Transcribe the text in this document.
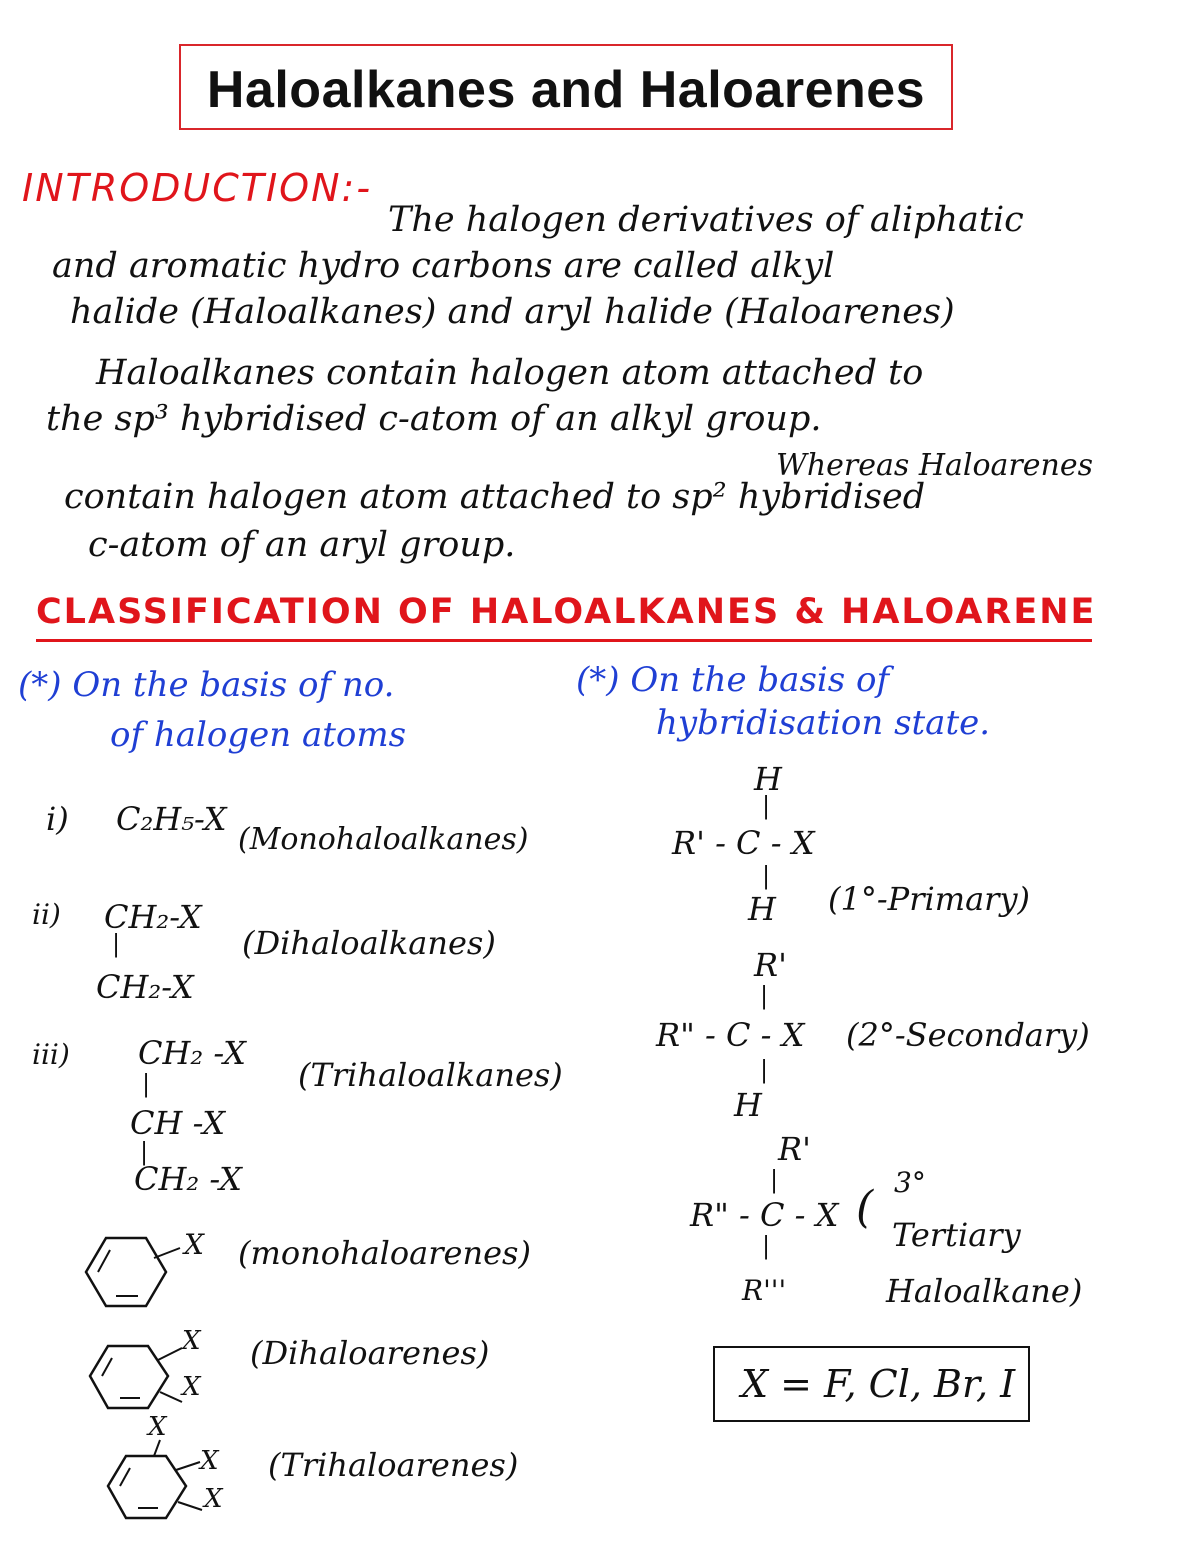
Haloalkanes and Haloarenes
INTRODUCTION:-
The halogen derivatives of aliphatic
and aromatic hydro carbons are called alkyl
halide (Haloalkanes) and aryl halide (Haloarenes)
Haloalkanes contain halogen atom attached to
the sp³ hybridised c-atom of an alkyl group.
Whereas Haloarenes
contain halogen atom attached to sp² hybridised
c-atom of an aryl group.
CLASSIFICATION OF HALOALKANES & HALOARENE
(*) On the basis of no.
of halogen atoms
(*) On the basis of
hybridisation state.
i) C₂H₅-X
(Monohaloalkanes)
ii) CH₂-X
|
CH₂-X
(Dihaloalkanes)
iii) CH₂ -X
|
CH -X
|
CH₂ -X
(Trihaloalkanes)
X (monohaloarenes)
X
X
(Dihaloarenes)
X
X
X
(Trihaloarenes)
H
|
R' - C - X
|
H (1°-Primary)
R'
|
R" - C - X
|
H
(2°-Secondary)
R'
|
R" - C - X
|
R'''
( 3°
Tertiary
Haloalkane)
X = F, Cl, Br, I
